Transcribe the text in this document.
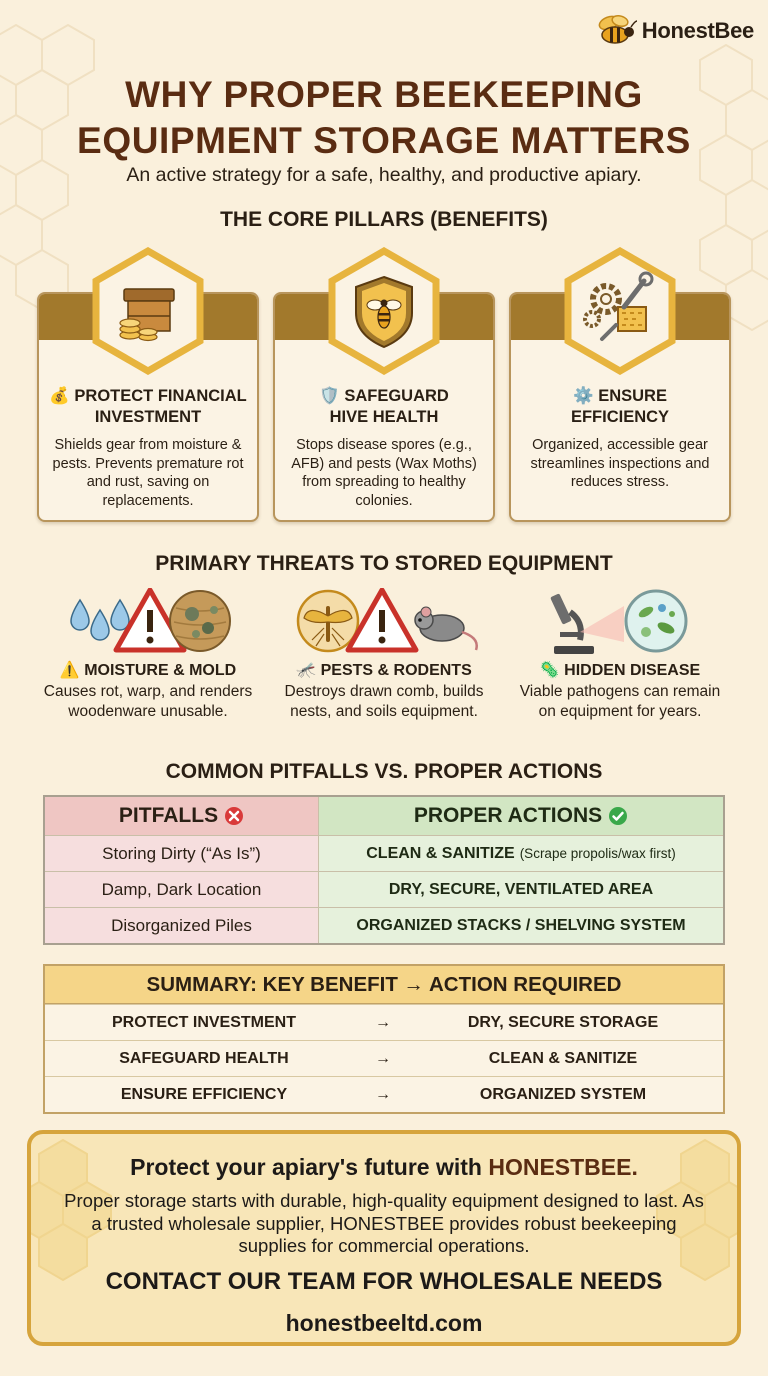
HonestBee
WHY PROPER BEEKEEPING
EQUIPMENT STORAGE MATTERS
An active strategy for a safe, healthy, and productive apiary.
THE CORE PILLARS (BENEFITS)
💰 PROTECT FINANCIAL
INVESTMENT
Shields gear from moisture & pests. Prevents premature rot and rust, saving on replacements.
🛡️ SAFEGUARD
HIVE HEALTH
Stops disease spores (e.g., AFB) and pests (Wax Moths) from spreading to healthy colonies.
⚙️ ENSURE
EFFICIENCY
Organized, accessible gear streamlines inspections and reduces stress.
PRIMARY THREATS TO STORED EQUIPMENT
⚠️ MOISTURE & MOLD
Causes rot, warp, and renders woodenware unusable.
🦟 PESTS & RODENTS
Destroys drawn comb, builds nests, and soils equipment.
🦠 HIDDEN DISEASE
Viable pathogens can remain on equipment for years.
COMMON PITFALLS VS. PROPER ACTIONS
PITFALLS	PROPER ACTIONS
Storing Dirty (“As Is”)	CLEAN & SANITIZE (Scrape propolis/wax first)
Damp, Dark Location	DRY, SECURE, VENTILATED AREA
Disorganized Piles	ORGANIZED STACKS / SHELVING SYSTEM
SUMMARY: KEY BENEFIT → ACTION REQUIRED
PROTECT INVESTMENT	→	DRY, SECURE STORAGE
SAFEGUARD HEALTH	→	CLEAN & SANITIZE
ENSURE EFFICIENCY	→	ORGANIZED SYSTEM
Protect your apiary's future with HONESTBEE.
Proper storage starts with durable, high-quality equipment designed to last. As a trusted wholesale supplier, HONESTBEE provides robust beekeeping supplies for commercial operations.
CONTACT OUR TEAM FOR WHOLESALE NEEDS
honestbeeltd.com
